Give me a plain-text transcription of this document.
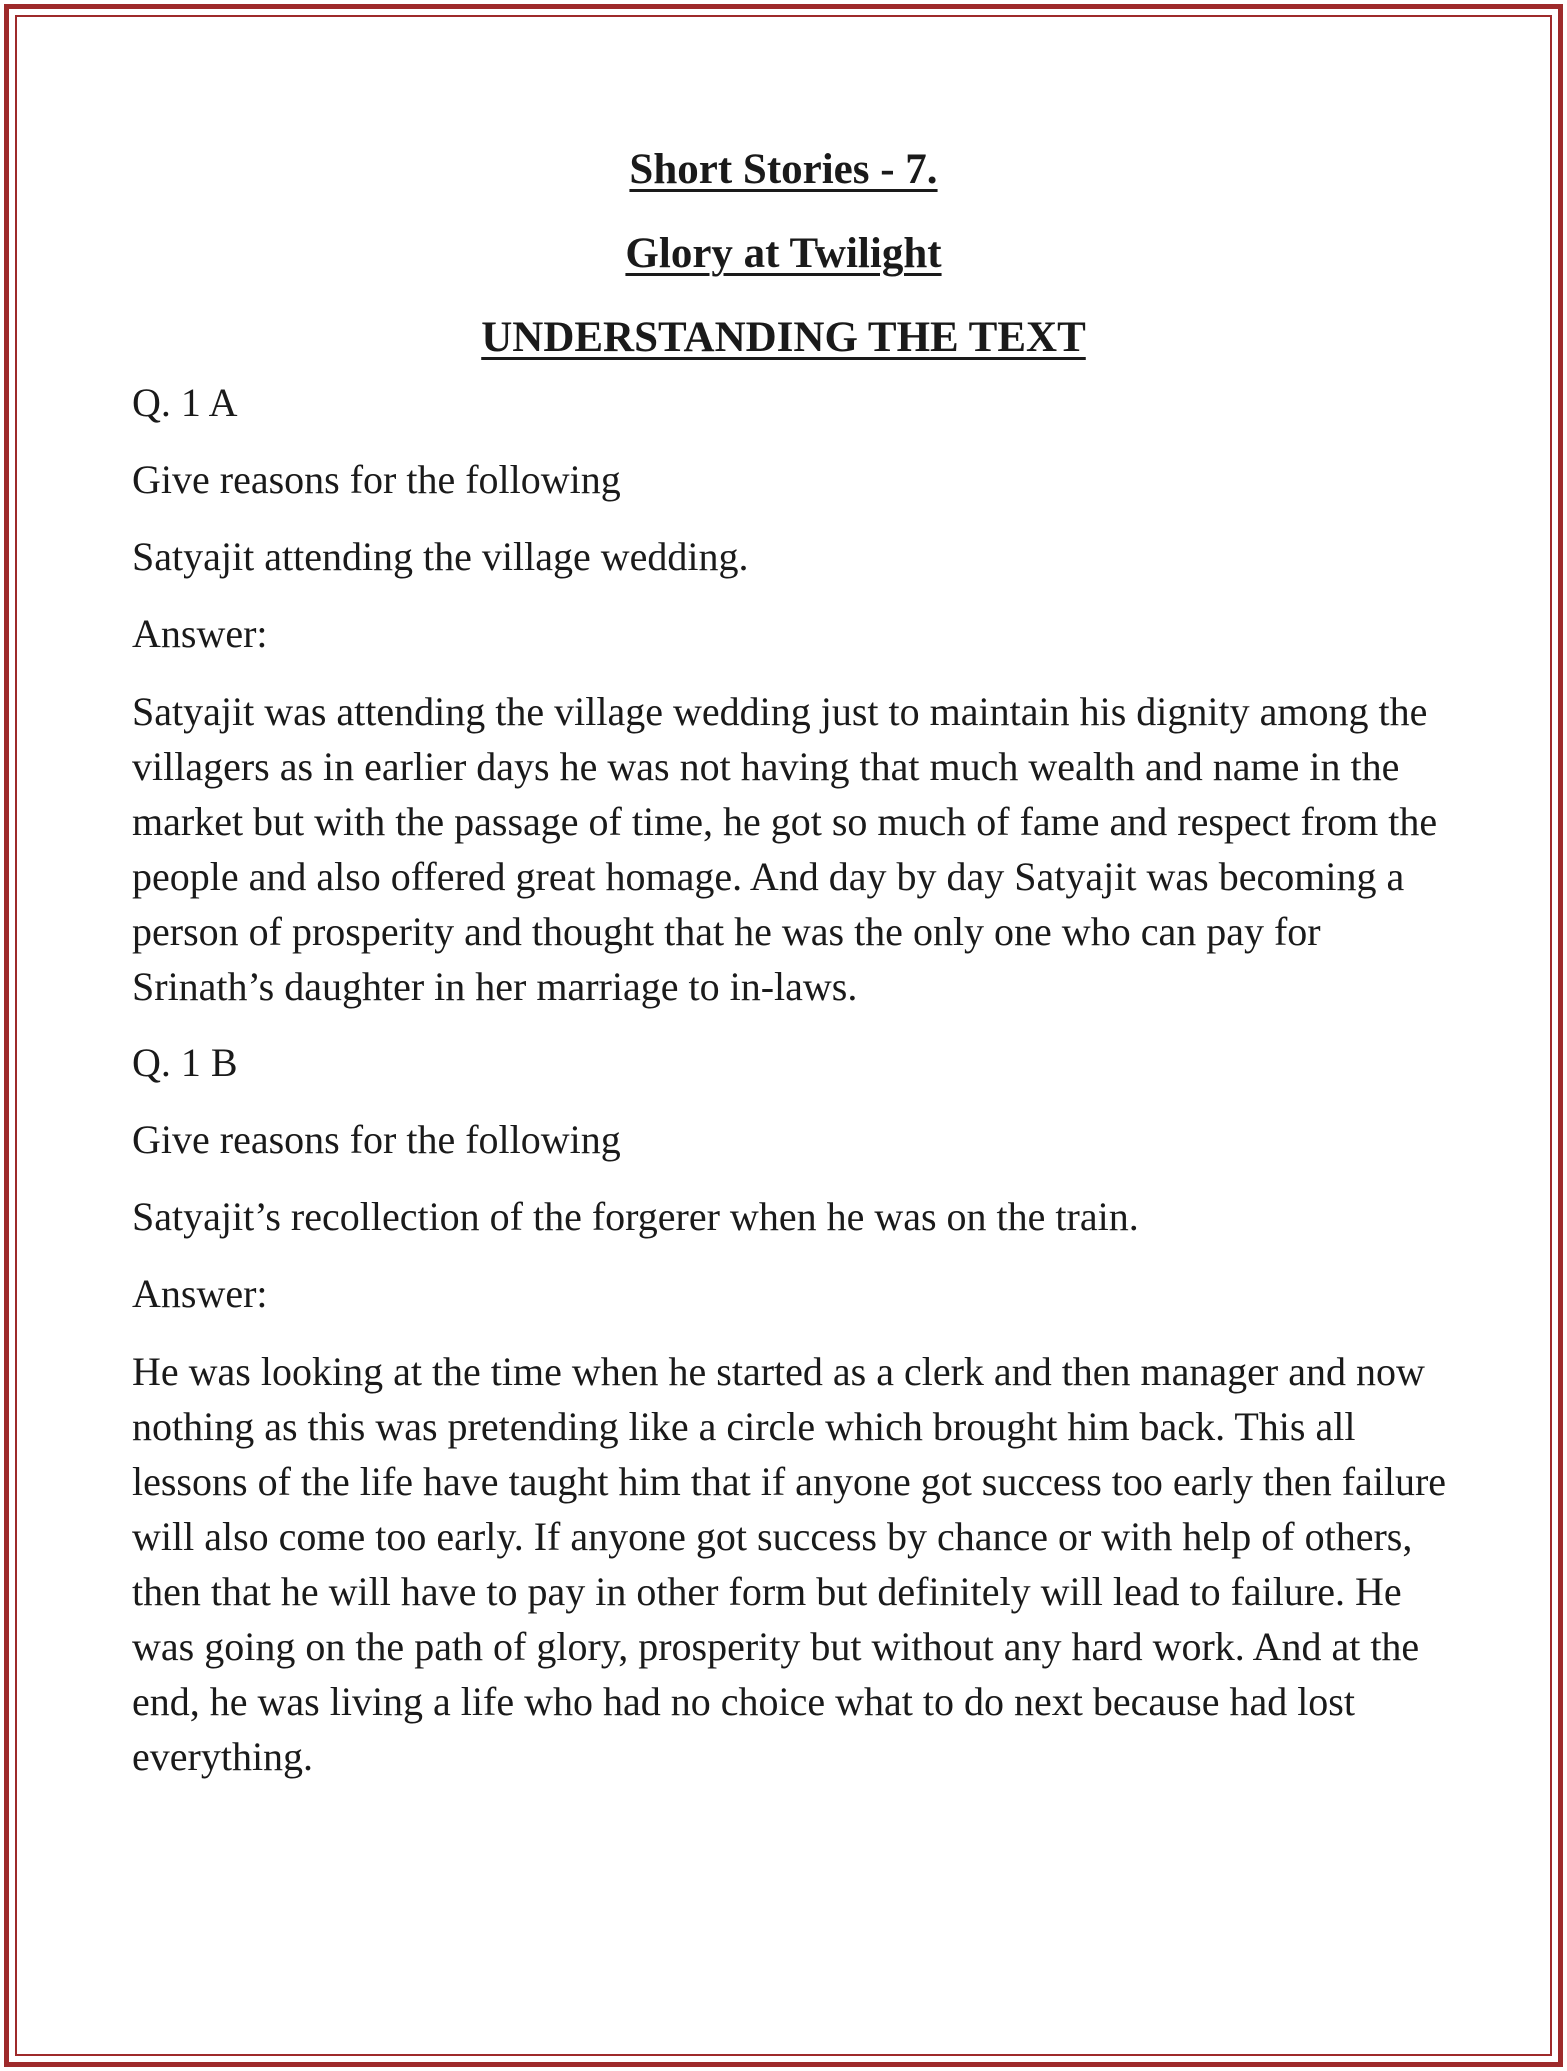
Short Stories - 7.
Glory at Twilight
UNDERSTANDING THE TEXT

Q. 1 A

Give reasons for the following

Satyajit attending the village wedding.

Answer:

Satyajit was attending the village wedding just to maintain his dignity among the villagers as in earlier days he was not having that much wealth and name in the market but with the passage of time, he got so much of fame and respect from the people and also offered great homage. And day by day Satyajit was becoming a person of prosperity and thought that he was the only one who can pay for Srinath’s daughter in her marriage to in-laws.

Q. 1 B

Give reasons for the following

Satyajit’s recollection of the forgerer when he was on the train.

Answer:

He was looking at the time when he started as a clerk and then manager and now nothing as this was pretending like a circle which brought him back. This all lessons of the life have taught him that if anyone got success too early then failure will also come too early. If anyone got success by chance or with help of others, then that he will have to pay in other form but definitely will lead to failure. He was going on the path of glory, prosperity but without any hard work. And at the end, he was living a life who had no choice what to do next because had lost everything.
